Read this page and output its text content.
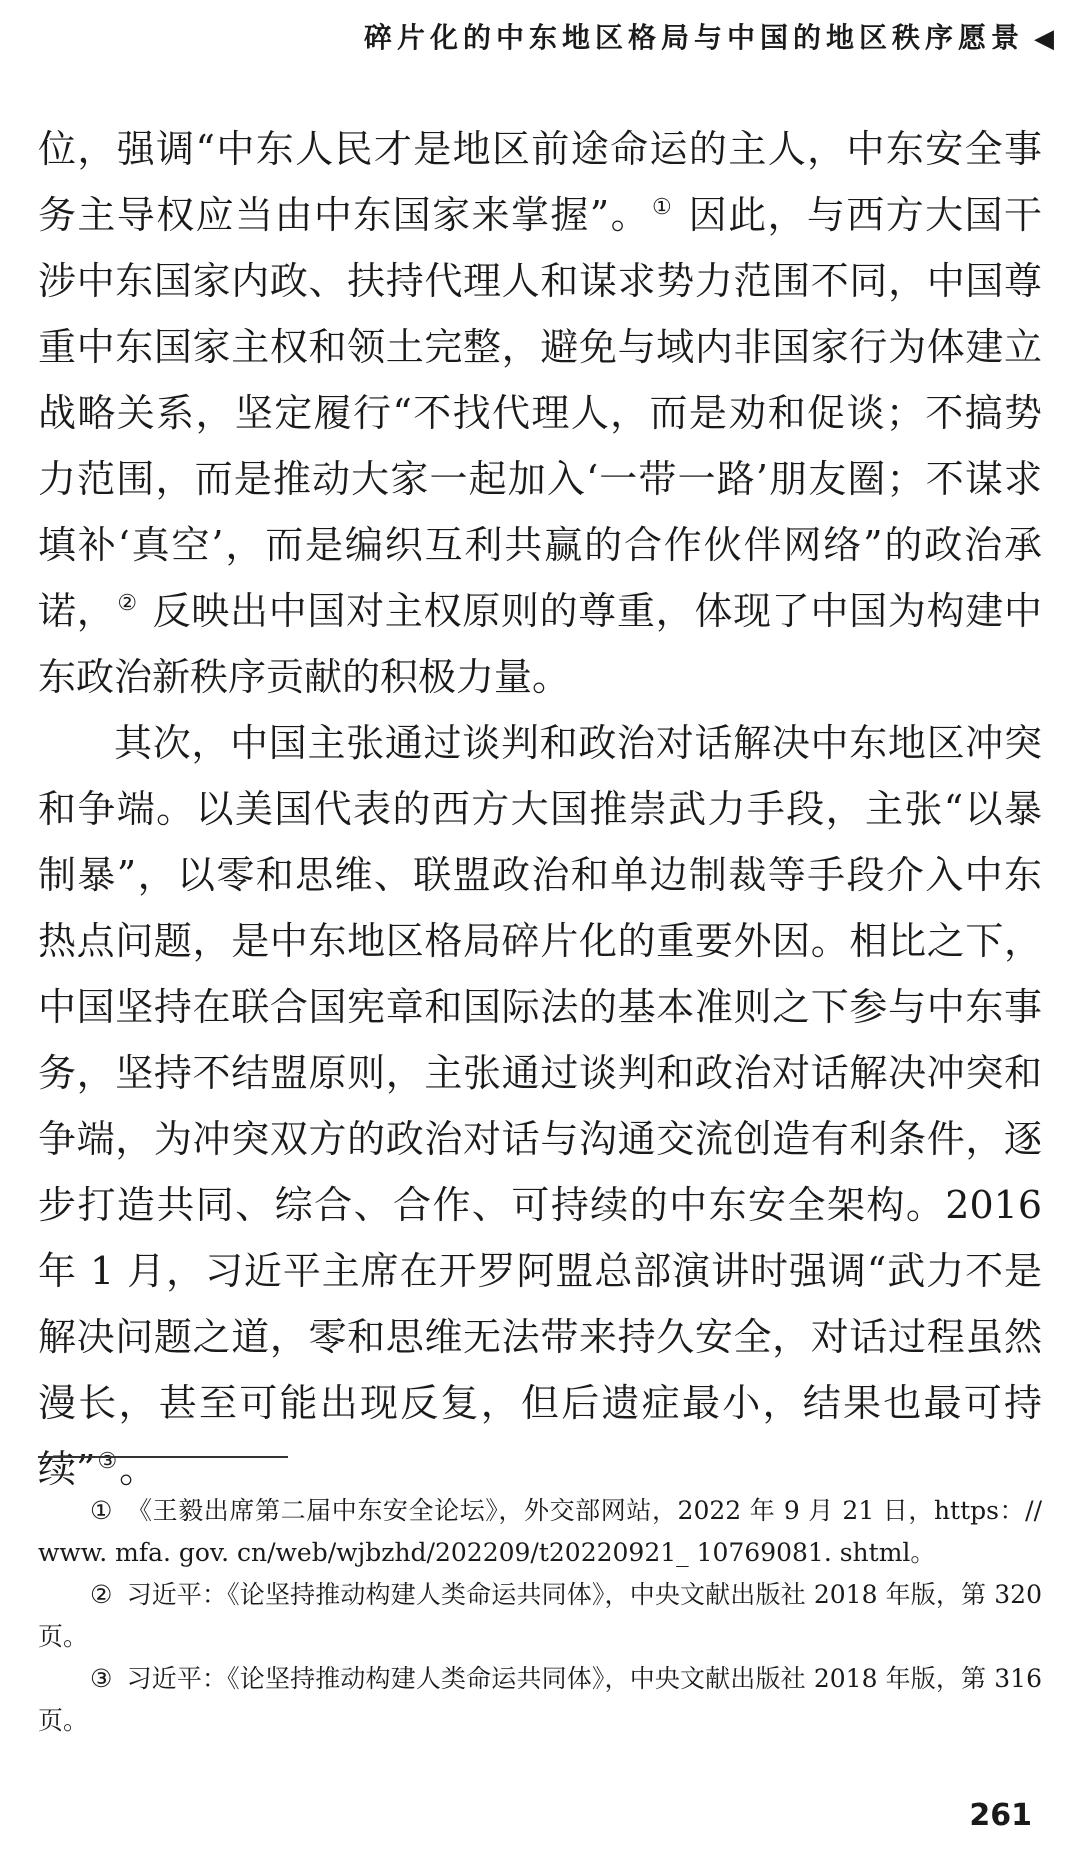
碎片化的中东地区格局与中国的地区秩序愿景 ◀

位，强调“中东人民才是地区前途命运的主人，中东安全事务主导权应当由中东国家来掌握”。① 因此，与西方大国干涉中东国家内政、扶持代理人和谋求势力范围不同，中国尊重中东国家主权和领土完整，避免与域内非国家行为体建立战略关系，坚定履行“不找代理人，而是劝和促谈；不搞势力范围，而是推动大家一起加入‘一带一路’朋友圈；不谋求填补‘真空’，而是编织互利共赢的合作伙伴网络”的政治承诺，② 反映出中国对主权原则的尊重，体现了中国为构建中东政治新秩序贡献的积极力量。

其次，中国主张通过谈判和政治对话解决中东地区冲突和争端。以美国代表的西方大国推崇武力手段，主张“以暴制暴”，以零和思维、联盟政治和单边制裁等手段介入中东热点问题，是中东地区格局碎片化的重要外因。相比之下，中国坚持在联合国宪章和国际法的基本准则之下参与中东事务，坚持不结盟原则，主张通过谈判和政治对话解决冲突和争端，为冲突双方的政治对话与沟通交流创造有利条件，逐步打造共同、综合、合作、可持续的中东安全架构。2016 年 1 月，习近平主席在开罗阿盟总部演讲时强调“武力不是解决问题之道，零和思维无法带来持久安全，对话过程虽然漫长，甚至可能出现反复，但后遗症最小，结果也最可持续”③。

① 《王毅出席第二届中东安全论坛》，外交部网站，2022 年 9 月 21 日，https：//www. mfa. gov. cn/web/wjbzhd/202209/t20220921_ 10769081. shtml。

② 习近平：《论坚持推动构建人类命运共同体》，中央文献出版社 2018 年版，第 320 页。

③ 习近平：《论坚持推动构建人类命运共同体》，中央文献出版社 2018 年版，第 316 页。

261
